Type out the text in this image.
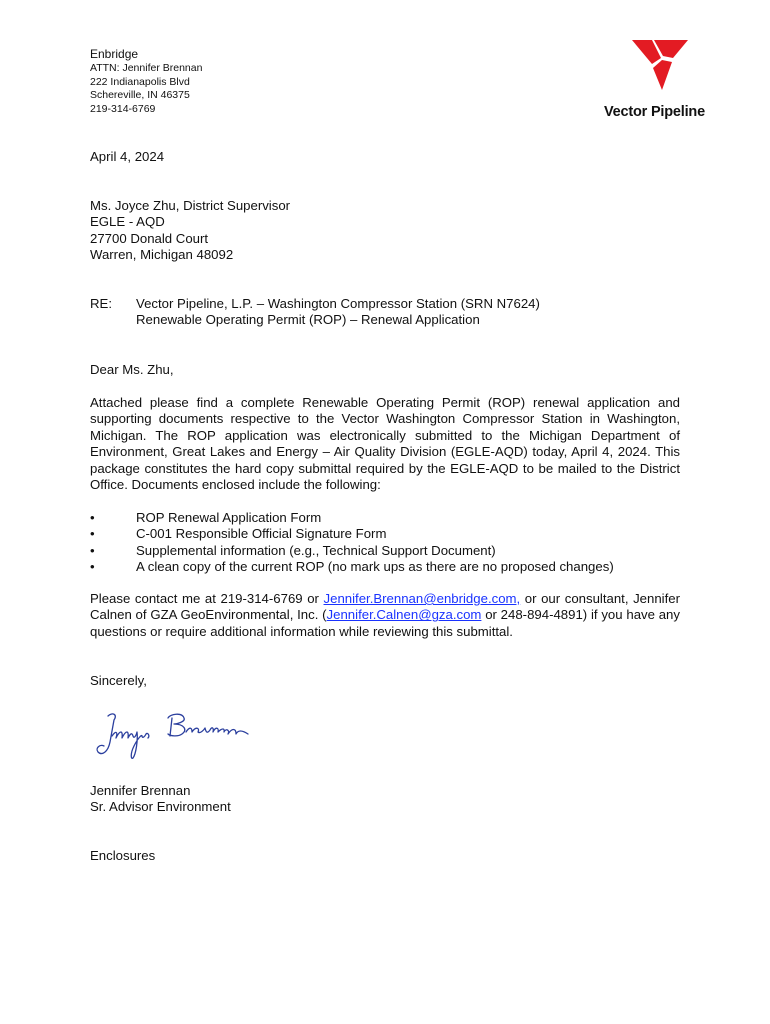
Enbridge
ATTN: Jennifer Brennan
222 Indianapolis Blvd
Schereville, IN 46375
219-314-6769	Vector Pipeline
April 4, 2024
Ms. Joyce Zhu, District Supervisor
EGLE - AQD
27700 Donald Court
Warren, Michigan 48092
RE: Vector Pipeline, L.P. – Washington Compressor Station (SRN N7624)
Renewable Operating Permit (ROP) – Renewal Application
Dear Ms. Zhu,
Attached please find a complete Renewable Operating Permit (ROP) renewal application and supporting documents respective to the Vector Washington Compressor Station in Washington, Michigan. The ROP application was electronically submitted to the Michigan Department of Environment, Great Lakes and Energy – Air Quality Division (EGLE-AQD) today, April 4, 2024. This package constitutes the hard copy submittal required by the EGLE-AQD to be mailed to the District Office. Documents enclosed include the following:
•	ROP Renewal Application Form
•	C-001 Responsible Official Signature Form
•	Supplemental information (e.g., Technical Support Document)
•	A clean copy of the current ROP (no mark ups as there are no proposed changes)
Please contact me at 219-314-6769 or Jennifer.Brennan@enbridge.com, or our consultant, Jennifer Calnen of GZA GeoEnvironmental, Inc. (Jennifer.Calnen@gza.com or 248-894-4891) if you have any questions or require additional information while reviewing this submittal.
Sincerely,
Jennifer Brennan
Sr. Advisor Environment
Enclosures
